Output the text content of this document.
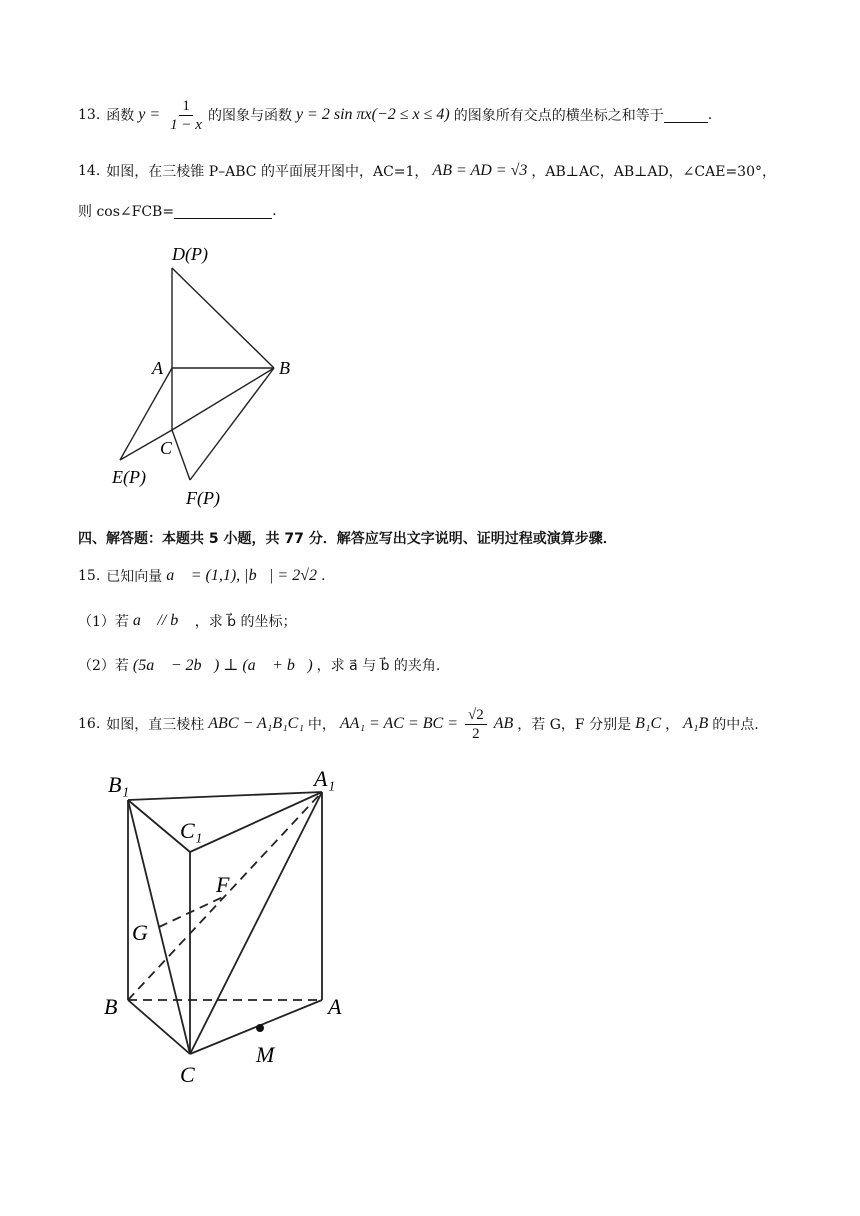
13. 函数 $y = \frac{1}{1 - x}$ 的图象与函数 y = 2 sin πx(−2 ≤ x ≤ 4) 的图象所有交点的横坐标之和等于	.
14. 如图，在三棱锥 P–ABC 的平面展开图中，AC=1， AB = AD = √3 ，AB⊥AC，AB⊥AD，∠CAE=30°，
则 cos∠FCB=	.
D(P)
A	B
C
E(P)
F(P)
四、解答题：本题共 5 小题，共 77 分．解答应写出文字说明、证明过程或演算步骤．
15. 已知向量 a⃗ = (1,1), |b⃗| = 2√2 .
（1）若 a⃗ // b⃗ ，求 b⃗ 的坐标；
（2）若 (5a⃗ − 2b⃗) ⊥ (a⃗ + b⃗) ，求 a⃗ 与 b⃗ 的夹角.
16. 如图，直三棱柱 ABC − A₁B₁C₁ 中， AA₁ = AC = BC = $\frac{√2}{2}$ AB ，若 G，F 分别是 B₁C ， A₁B 的中点.
B₁	A₁
C₁
F
G
B	A
M
C
